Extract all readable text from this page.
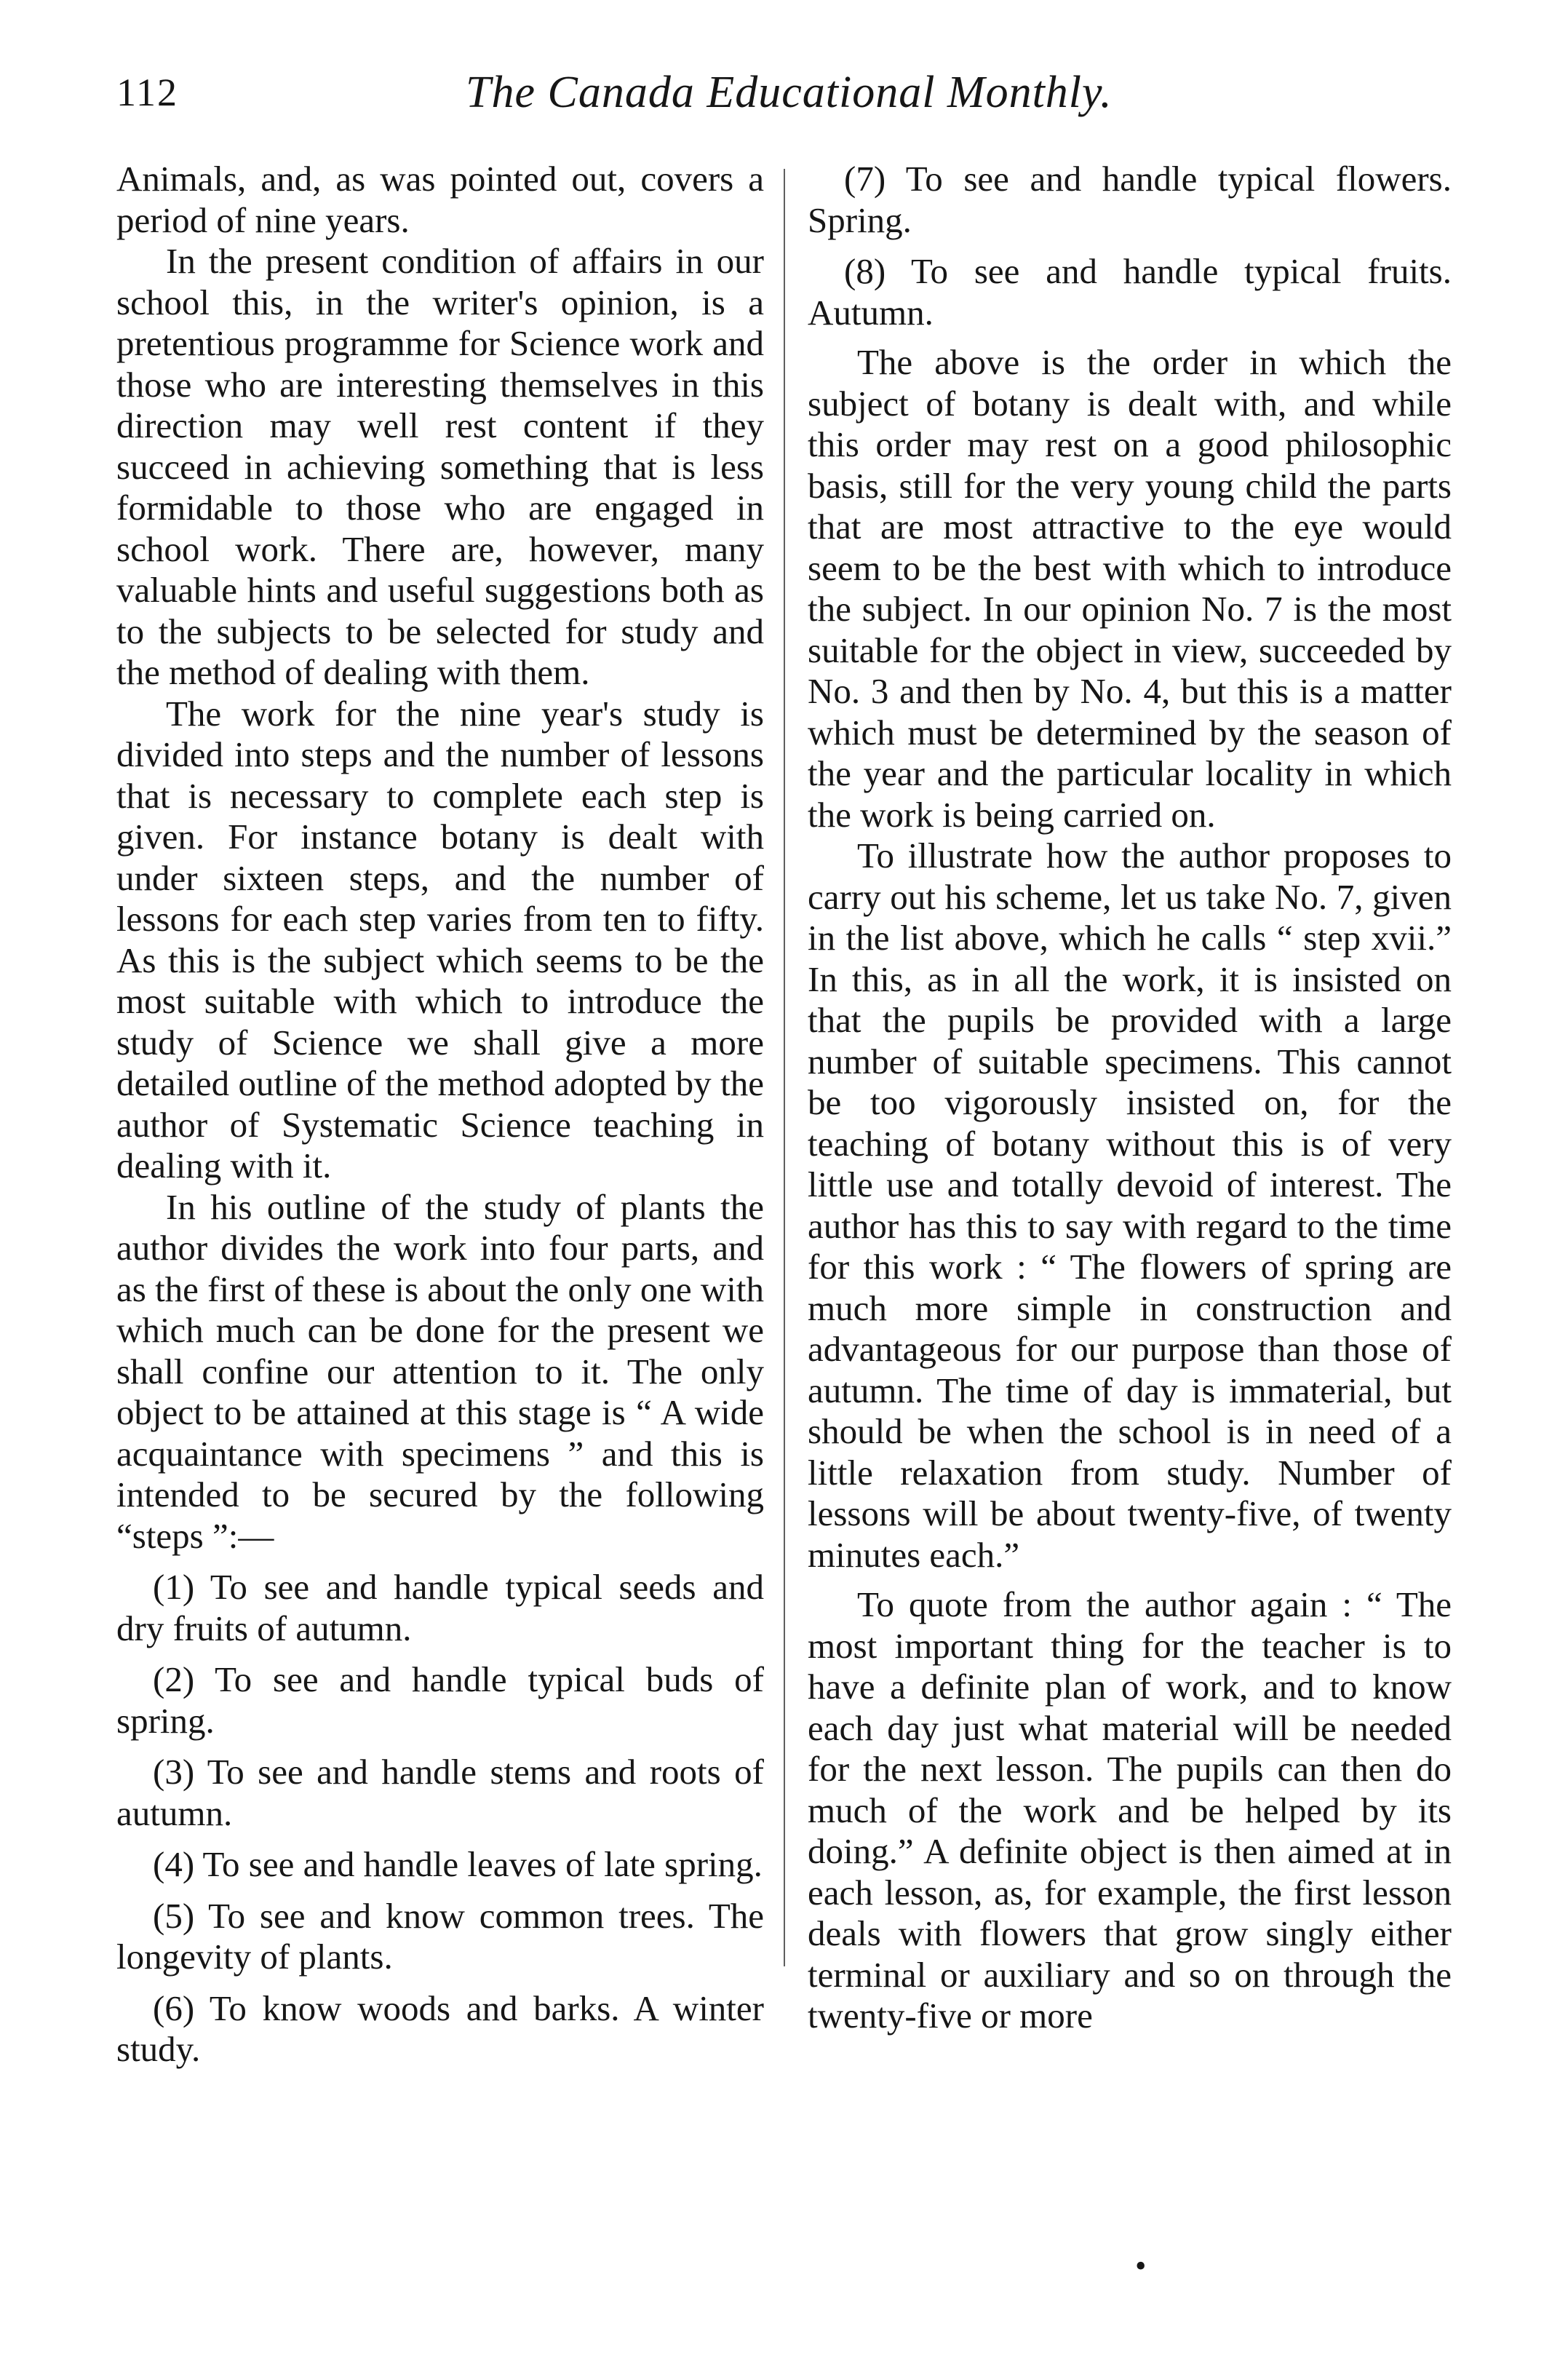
112	The Canada Educational Monthly.

Animals, and, as was pointed out, covers a period of nine years.

In the present condition of affairs in our school this, in the writer's opinion, is a pretentious programme for Science work and those who are interesting themselves in this direction may well rest content if they succeed in achieving something that is less formidable to those who are engaged in school work. There are, however, many valuable hints and useful suggestions both as to the subjects to be selected for study and the method of dealing with them.

The work for the nine year's study is divided into steps and the number of lessons that is necessary to complete each step is given. For instance botany is dealt with under sixteen steps, and the number of lessons for each step varies from ten to fifty. As this is the subject which seems to be the most suitable with which to introduce the study of Science we shall give a more detailed outline of the method adopted by the author of Systematic Science teaching in dealing with it.

In his outline of the study of plants the author divides the work into four parts, and as the first of these is about the only one with which much can be done for the present we shall confine our attention to it. The only object to be attained at this stage is “ A wide acquaintance with specimens ” and this is intended to be secured by the following “steps ”:—

(1) To see and handle typical seeds and dry fruits of autumn.

(2) To see and handle typical buds of spring.

(3) To see and handle stems and roots of autumn.

(4) To see and handle leaves of late spring.

(5) To see and know common trees. The longevity of plants.

(6) To know woods and barks. A winter study.

(7) To see and handle typical flowers. Spring.

(8) To see and handle typical fruits. Autumn.

The above is the order in which the subject of botany is dealt with, and while this order may rest on a good philosophic basis, still for the very young child the parts that are most attractive to the eye would seem to be the best with which to introduce the subject. In our opinion No. 7 is the most suitable for the object in view, succeeded by No. 3 and then by No. 4, but this is a matter which must be determined by the season of the year and the particular locality in which the work is being carried on.

To illustrate how the author proposes to carry out his scheme, let us take No. 7, given in the list above, which he calls “ step xvii.” In this, as in all the work, it is insisted on that the pupils be provided with a large number of suitable specimens. This cannot be too vigorously insisted on, for the teaching of botany without this is of very little use and totally devoid of interest. The author has this to say with regard to the time for this work : “ The flowers of spring are much more simple in construction and advantageous for our purpose than those of autumn. The time of day is immaterial, but should be when the school is in need of a little relaxation from study. Number of lessons will be about twenty-five, of twenty minutes each.”

To quote from the author again : “ The most important thing for the teacher is to have a definite plan of work, and to know each day just what material will be needed for the next lesson. The pupils can then do much of the work and be helped by its doing.” A definite object is then aimed at in each lesson, as, for example, the first lesson deals with flowers that grow singly either terminal or auxiliary and so on through the twenty-five or more

•
